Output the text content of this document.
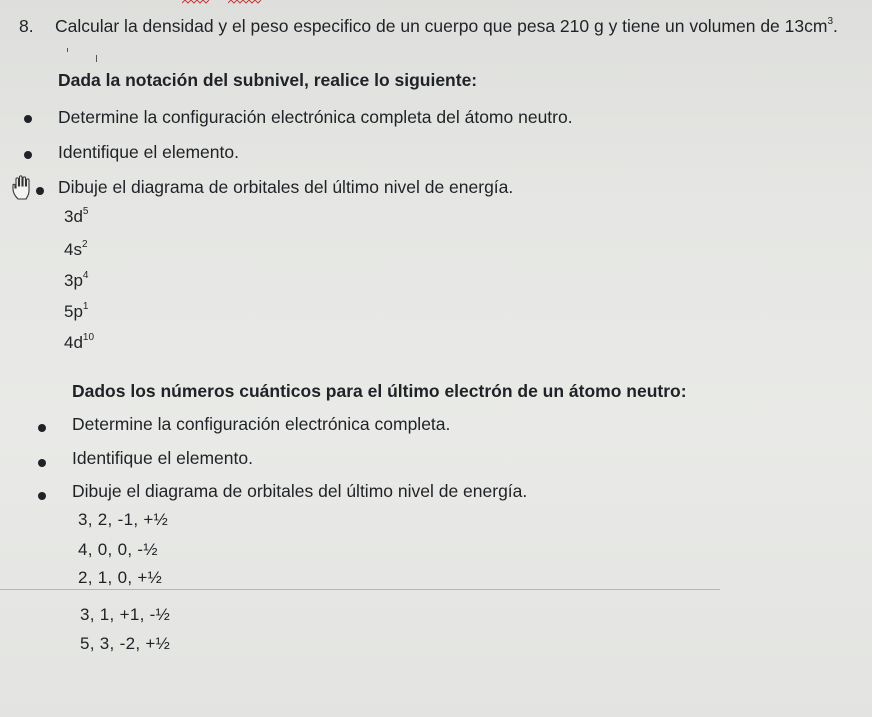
8. Calcular la densidad y el peso especifico de un cuerpo que pesa 210 g y tiene un volumen de $13cm^3$.
Dada la notación del subnivel, realice lo siguiente:
Determine la configuración electrónica completa del átomo neutro.
Identifique el elemento.
Dibuje el diagrama de orbitales del último nivel de energía.
$3d^5$
$4s^2$
$3p^4$
$5p^1$
$4d^{10}$
Dados los números cuánticos para el último electrón de un átomo neutro:
Determine la configuración electrónica completa.
Identifique el elemento.
Dibuje el diagrama de orbitales del último nivel de energía.
3, 2, -1, +½
4, 0, 0, -½
2, 1, 0, +½
3, 1, +1, -½
5, 3, -2, +½
